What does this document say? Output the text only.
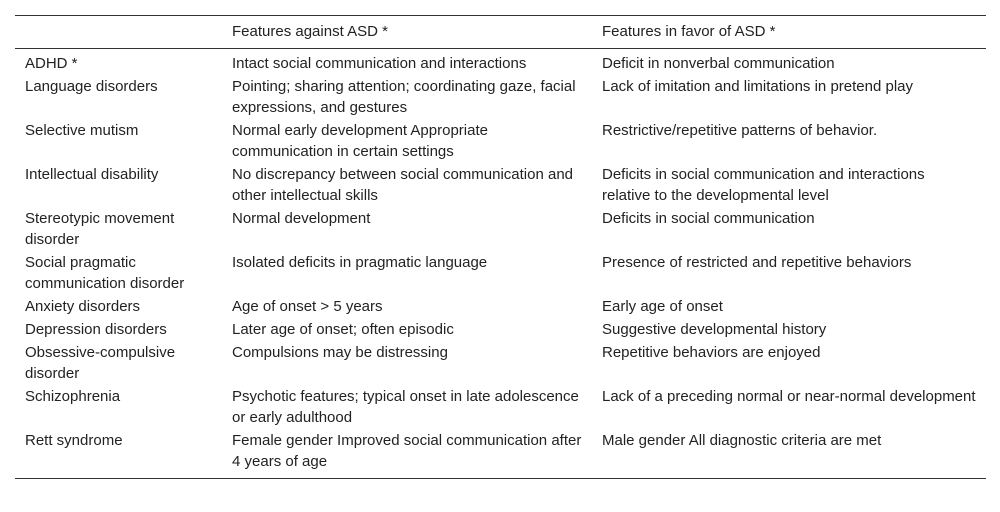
	Features against ASD *	Features in favor of ASD *
ADHD *	Intact social communication and interactions	Deficit in nonverbal communication
Language disorders	Pointing; sharing attention; coordinating gaze, facial expressions, and gestures	Lack of imitation and limitations in pretend play
Selective mutism	Normal early development Appropriate communication in certain settings	Restrictive/repetitive patterns of behavior.
Intellectual disability	No discrepancy between social communication and other intellectual skills	Deficits in social communication and interactions relative to the developmental level
Stereotypic movement disorder	Normal development	Deficits in social communication
Social pragmatic communication disorder	Isolated deficits in pragmatic language	Presence of restricted and repetitive behaviors
Anxiety disorders	Age of onset > 5 years	Early age of onset
Depression disorders	Later age of onset; often episodic	Suggestive developmental history
Obsessive-compulsive disorder	Compulsions may be distressing	Repetitive behaviors are enjoyed
Schizophrenia	Psychotic features; typical onset in late adolescence or early adulthood	Lack of a preceding normal or near-normal development
Rett syndrome	Female gender Improved social communication after 4 years of age	Male gender All diagnostic criteria are met
